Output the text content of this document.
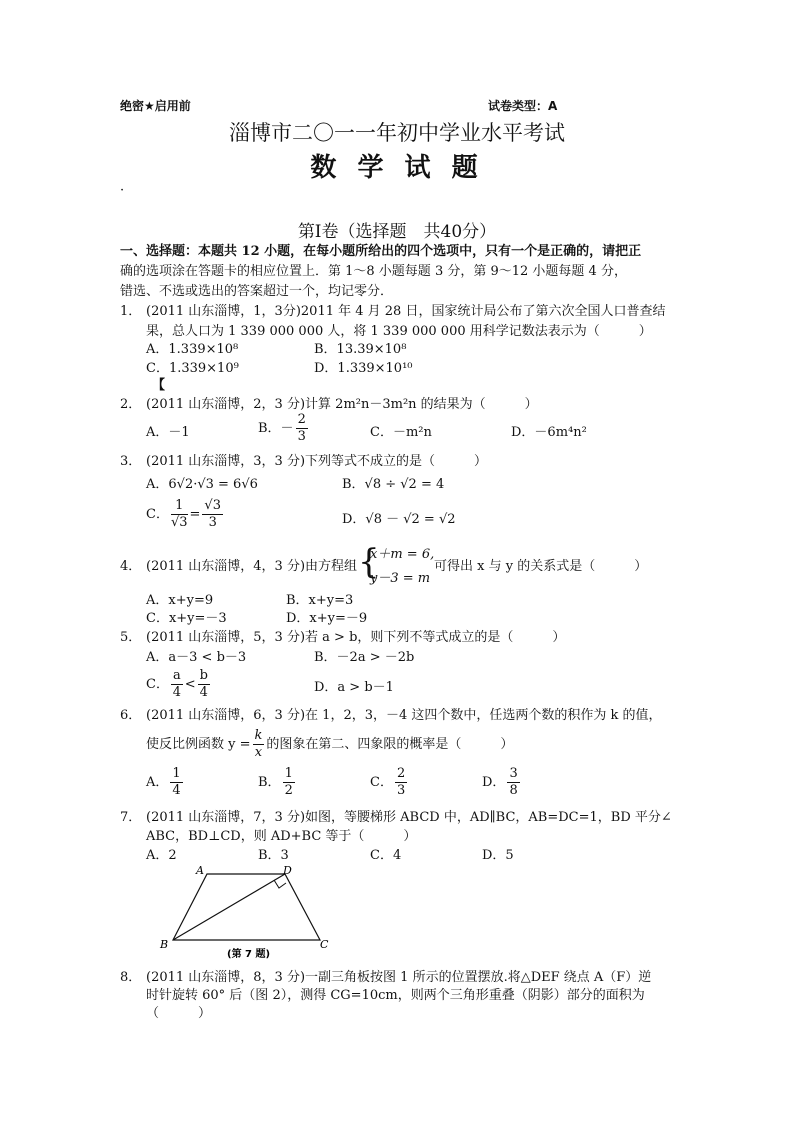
绝密★启用前	试卷类型：A
淄博市二〇一一年初中学业水平考试
数 学 试 题
·
第Ⅰ卷（选择题　共40分）
一、选择题：本题共 12 小题，在每小题所给出的四个选项中，只有一个是正确的，请把正
确的选项涂在答题卡的相应位置上．第 1～8 小题每题 3 分，第 9～12 小题每题 4 分，
错选、不选或选出的答案超过一个，均记零分．
1． (2011 山东淄博，1，3分)2011 年 4 月 28 日，国家统计局公布了第六次全国人口普查结
果，总人口为 1 339 000 000 人，将 1 339 000 000 用科学记数法表示为（　　　）
A．1.339×10⁸	B．13.39×10⁸
C．1.339×10⁹	D．1.339×10¹⁰
【
2． (2011 山东淄博，2，3 分)计算 2m²n－3m²n 的结果为（　　　）
A．－1	B．－ $\frac{2}{3}$	C．－m²n	D．－6m⁴n²
3． (2011 山东淄博，3，3 分)下列等式不成立的是（　　　）
A．6√2·√3 = 6√6	B．√8 ÷ √2 = 4
C． $\frac{1}{√3} = \frac{√3}{3}$	D．√8 － √2 = √2
4． (2011 山东淄博，4，3 分)由方程组 {
x＋m = 6,
y－3 = m
可得出 x 与 y 的关系式是（　　　）
A．x+y=9	B．x+y=3
C．x+y=－3	D．x+y=－9
5． (2011 山东淄博，5，3 分)若 a > b，则下列不等式成立的是（　　　）
A．a－3 < b－3	B．－2a > －2b
C． $\frac{a}{4} < \frac{b}{4}$	D．a > b－1
6． (2011 山东淄博，6，3 分)在 1，2，3，－4 这四个数中，任选两个数的积作为 k 的值，
使反比例函数 $y = \frac{k}{x}$ 的图象在第二、四象限的概率是（　　　）
A． $\frac{1}{4}$	B． $\frac{1}{2}$	C． $\frac{2}{3}$	D． $\frac{3}{8}$
7． (2011 山东淄博，7，3 分)如图，等腰梯形 ABCD 中，AD∥BC，AB=DC=1，BD 平分∠
ABC，BD⊥CD，则 AD+BC 等于（　　　）
A．2	B．3	C．4	D．5
A	D
B	C
(第 7 题)
8． (2011 山东淄博，8，3 分)一副三角板按图 1 所示的位置摆放.将△DEF 绕点 A（F）逆
时针旋转 60° 后（图 2），测得 CG=10cm，则两个三角形重叠（阴影）部分的面积为
（　　　）
